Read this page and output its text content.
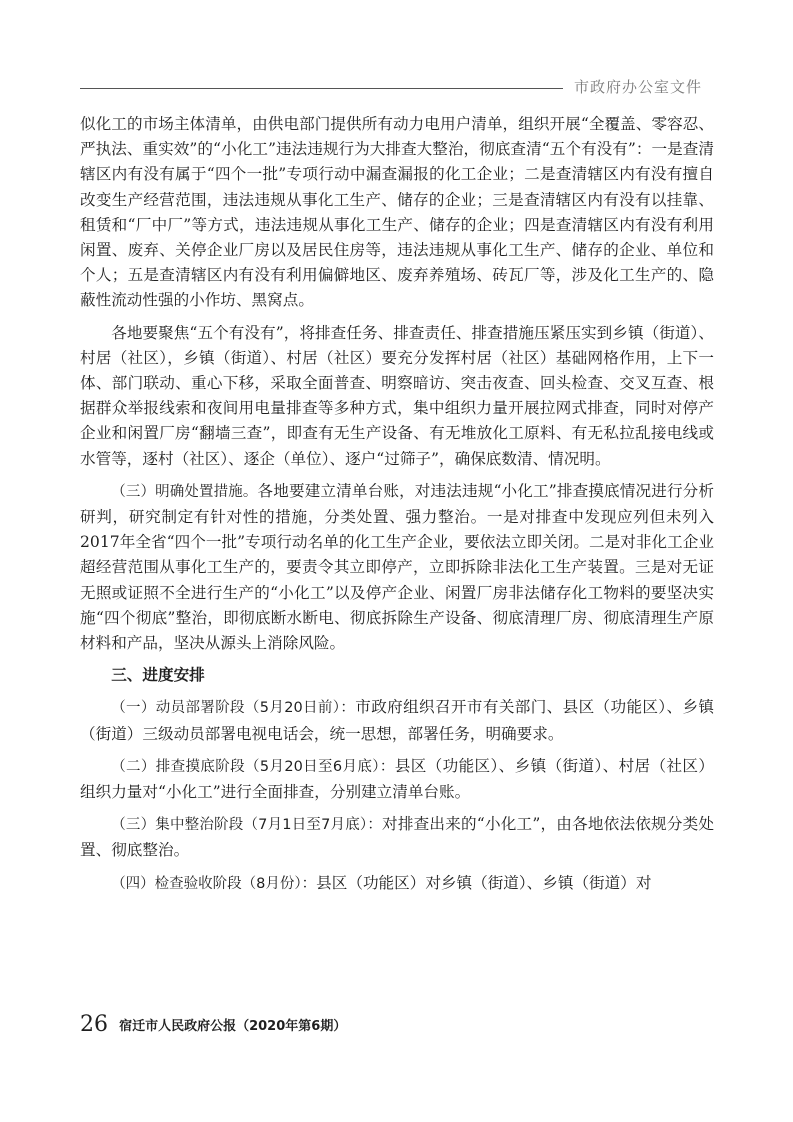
市政府办公室文件

似化工的市场主体清单，由供电部门提供所有动力电用户清单，组织开展“全覆盖、零容忍、严执法、重实效”的“小化工”违法违规行为大排查大整治，彻底查清“五个有没有”：一是查清辖区内有没有属于“四个一批”专项行动中漏查漏报的化工企业；二是查清辖区内有没有擅自改变生产经营范围，违法违规从事化工生产、储存的企业；三是查清辖区内有没有以挂靠、租赁和“厂中厂”等方式，违法违规从事化工生产、储存的企业；四是查清辖区内有没有利用闲置、废弃、关停企业厂房以及居民住房等，违法违规从事化工生产、储存的企业、单位和个人；五是查清辖区内有没有利用偏僻地区、废弃养殖场、砖瓦厂等，涉及化工生产的、隐蔽性流动性强的小作坊、黑窝点。

各地要聚焦“五个有没有”，将排查任务、排查责任、排查措施压紧压实到乡镇（街道）、村居（社区），乡镇（街道）、村居（社区）要充分发挥村居（社区）基础网格作用，上下一体、部门联动、重心下移，采取全面普查、明察暗访、突击夜查、回头检查、交叉互查、根据群众举报线索和夜间用电量排查等多种方式，集中组织力量开展拉网式排查，同时对停产企业和闲置厂房“翻墙三查”，即查有无生产设备、有无堆放化工原料、有无私拉乱接电线或水管等，逐村（社区）、逐企（单位）、逐户“过筛子”，确保底数清、情况明。

（三）明确处置措施。各地要建立清单台账，对违法违规“小化工”排查摸底情况进行分析研判，研究制定有针对性的措施，分类处置、强力整治。一是对排查中发现应列但未列入2017年全省“四个一批”专项行动名单的化工生产企业，要依法立即关闭。二是对非化工企业超经营范围从事化工生产的，要责令其立即停产，立即拆除非法化工生产装置。三是对无证无照或证照不全进行生产的“小化工”以及停产企业、闲置厂房非法储存化工物料的要坚决实施“四个彻底”整治，即彻底断水断电、彻底拆除生产设备、彻底清理厂房、彻底清理生产原材料和产品，坚决从源头上消除风险。

三、进度安排

（一）动员部署阶段（5月20日前）：市政府组织召开市有关部门、县区（功能区）、乡镇（街道）三级动员部署电视电话会，统一思想，部署任务，明确要求。

（二）排查摸底阶段（5月20日至6月底）：县区（功能区）、乡镇（街道）、村居（社区）组织力量对“小化工”进行全面排查，分别建立清单台账。

（三）集中整治阶段（7月1日至7月底）：对排查出来的“小化工”，由各地依法依规分类处置、彻底整治。

（四）检查验收阶段（8月份）：县区（功能区）对乡镇（街道）、乡镇（街道）对

26 宿迁市人民政府公报（2020年第6期）
